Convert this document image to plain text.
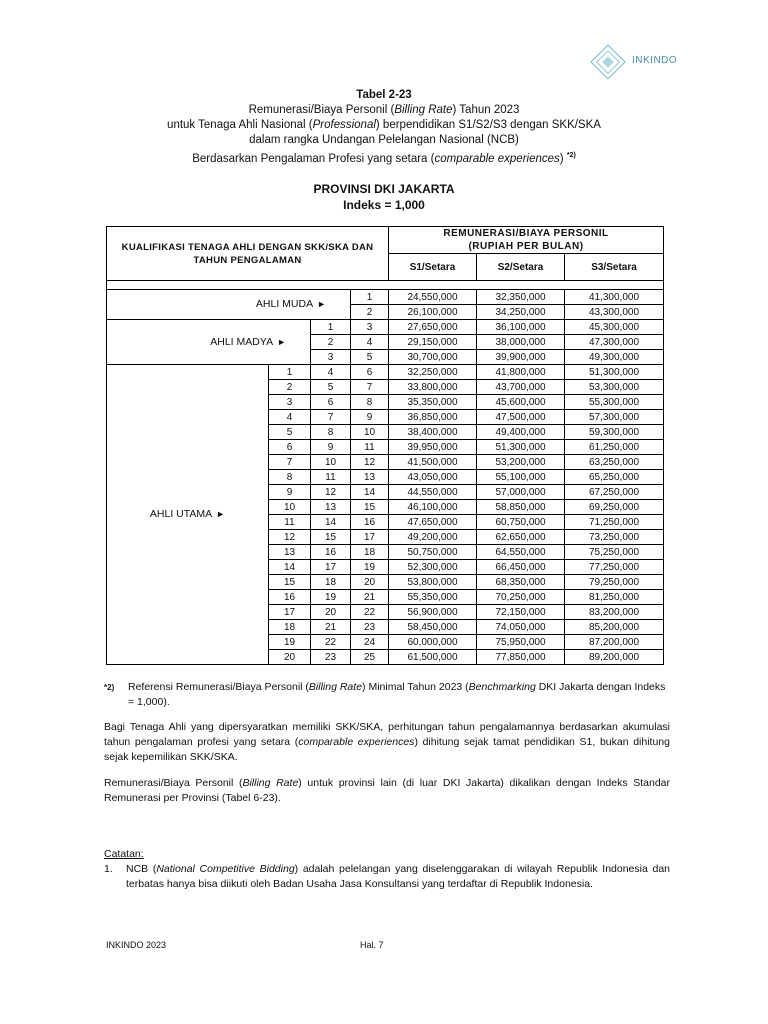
INKINDO
Tabel 2-23
Remunerasi/Biaya Personil (Billing Rate) Tahun 2023
untuk Tenaga Ahli Nasional (Professional) berpendidikan S1/S2/S3 dengan SKK/SKA
dalam rangka Undangan Pelelangan Nasional (NCB)
Berdasarkan Pengalaman Profesi yang setara (comparable experiences) $^{*2)}$
PROVINSI DKI JAKARTA
Indeks = 1,000
KUALIFIKASI TENAGA AHLI DENGAN SKK/SKA DAN TAHUN PENGALAMAN				REMUNERASI/BIAYA PERSONIL
(RUPIAH PER BULAN)		

				S1/Setara	S2/Setara	S3/Setara

AHLI MUDA ►			1	24,550,000	32,350,000	41,300,000
			2	26,100,000	34,250,000	43,300,000
AHLI MADYA ►		1	3	27,650,000	36,100,000	45,300,000
		2	4	29,150,000	38,000,000	47,300,000
		3	5	30,700,000	39,900,000	49,300,000
AHLI UTAMA ►	1	4	6	32,250,000	41,800,000	51,300,000
	2	5	7	33,800,000	43,700,000	53,300,000
	3	6	8	35,350,000	45,600,000	55,300,000
	4	7	9	36,850,000	47,500,000	57,300,000
	5	8	10	38,400,000	49,400,000	59,300,000
	6	9	11	39,950,000	51,300,000	61,250,000
	7	10	12	41,500,000	53,200,000	63,250,000
	8	11	13	43,050,000	55,100,000	65,250,000
	9	12	14	44,550,000	57,000,000	67,250,000
	10	13	15	46,100,000	58,850,000	69,250,000
	11	14	16	47,650,000	60,750,000	71,250,000
	12	15	17	49,200,000	62,650,000	73,250,000
	13	16	18	50,750,000	64,550,000	75,250,000
	14	17	19	52,300,000	66,450,000	77,250,000
	15	18	20	53,800,000	68,350,000	79,250,000
	16	19	21	55,350,000	70,250,000	81,250,000
	17	20	22	56,900,000	72,150,000	83,200,000
	18	21	23	58,450,000	74,050,000	85,200,000
	19	22	24	60,000,000	75,950,000	87,200,000
	20	23	25	61,500,000	77,850,000	89,200,000
*2) Referensi Remunerasi/Biaya Personil (Billing Rate) Minimal Tahun 2023 (Benchmarking DKI Jakarta dengan Indeks = 1,000).
Bagi Tenaga Ahli yang dipersyaratkan memiliki SKK/SKA, perhitungan tahun pengalamannya berdasarkan akumulasi tahun pengalaman profesi yang setara (comparable experiences) dihitung sejak tamat pendidikan S1, bukan dihitung sejak kepemilikan SKK/SKA.
Remunerasi/Biaya Personil (Billing Rate) untuk provinsi lain (di luar DKI Jakarta) dikalikan dengan Indeks Standar Remunerasi per Provinsi (Tabel 6-23).
Catatan:
1. NCB (National Competitive Bidding) adalah pelelangan yang diselenggarakan di wilayah Republik Indonesia dan terbatas hanya bisa diikuti oleh Badan Usaha Jasa Konsultansi yang terdaftar di Republik Indonesia.
INKINDO 2023	Hal. 7
